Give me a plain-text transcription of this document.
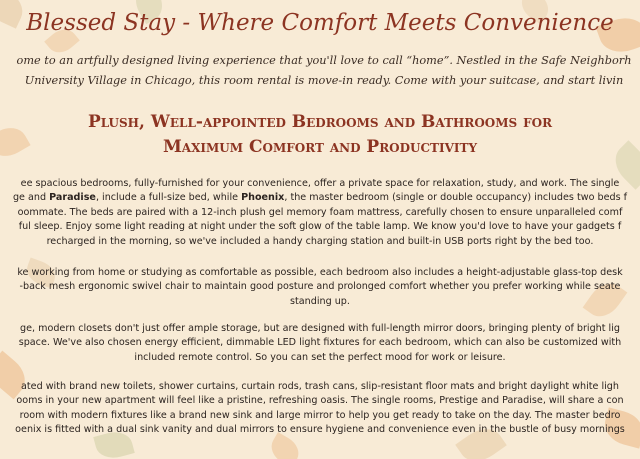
Blessed Stay - Where Comfort Meets Convenience
ome to an artfully designed living experience that you'll love to call “home”. Nestled in the Safe Neighborh
University Village in Chicago, this room rental is move-in ready. Come with your suitcase, and start livin
Plush, Well-appointed Bedrooms and Bathrooms for
Maximum Comfort and Productivity
ee spacious bedrooms, fully-furnished for your convenience, offer a private space for relaxation, study, and work. The single
ge and Paradise, include a full-size bed, while Phoenix, the master bedroom (single or double occupancy) includes two beds f
oommate. The beds are paired with a 12-inch plush gel memory foam mattress, carefully chosen to ensure unparalleled comf
ful sleep. Enjoy some light reading at night under the soft glow of the table lamp. We know you'd love to have your gadgets f
recharged in the morning, so we've included a handy charging station and built-in USB ports right by the bed too.
ke working from home or studying as comfortable as possible, each bedroom also includes a height-adjustable glass-top desk
-back mesh ergonomic swivel chair to maintain good posture and prolonged comfort whether you prefer working while seate
standing up.
ge, modern closets don't just offer ample storage, but are designed with full-length mirror doors, bringing plenty of bright lig
space. We've also chosen energy efficient, dimmable LED light fixtures for each bedroom, which can also be customized with
included remote control. So you can set the perfect mood for work or leisure.
ated with brand new toilets, shower curtains, curtain rods, trash cans, slip-resistant floor mats and bright daylight white ligh
ooms in your new apartment will feel like a pristine, refreshing oasis. The single rooms, Prestige and Paradise, will share a con
room with modern fixtures like a brand new sink and large mirror to help you get ready to take on the day. The master bedro
oenix is fitted with a dual sink vanity and dual mirrors to ensure hygiene and convenience even in the bustle of busy mornings
